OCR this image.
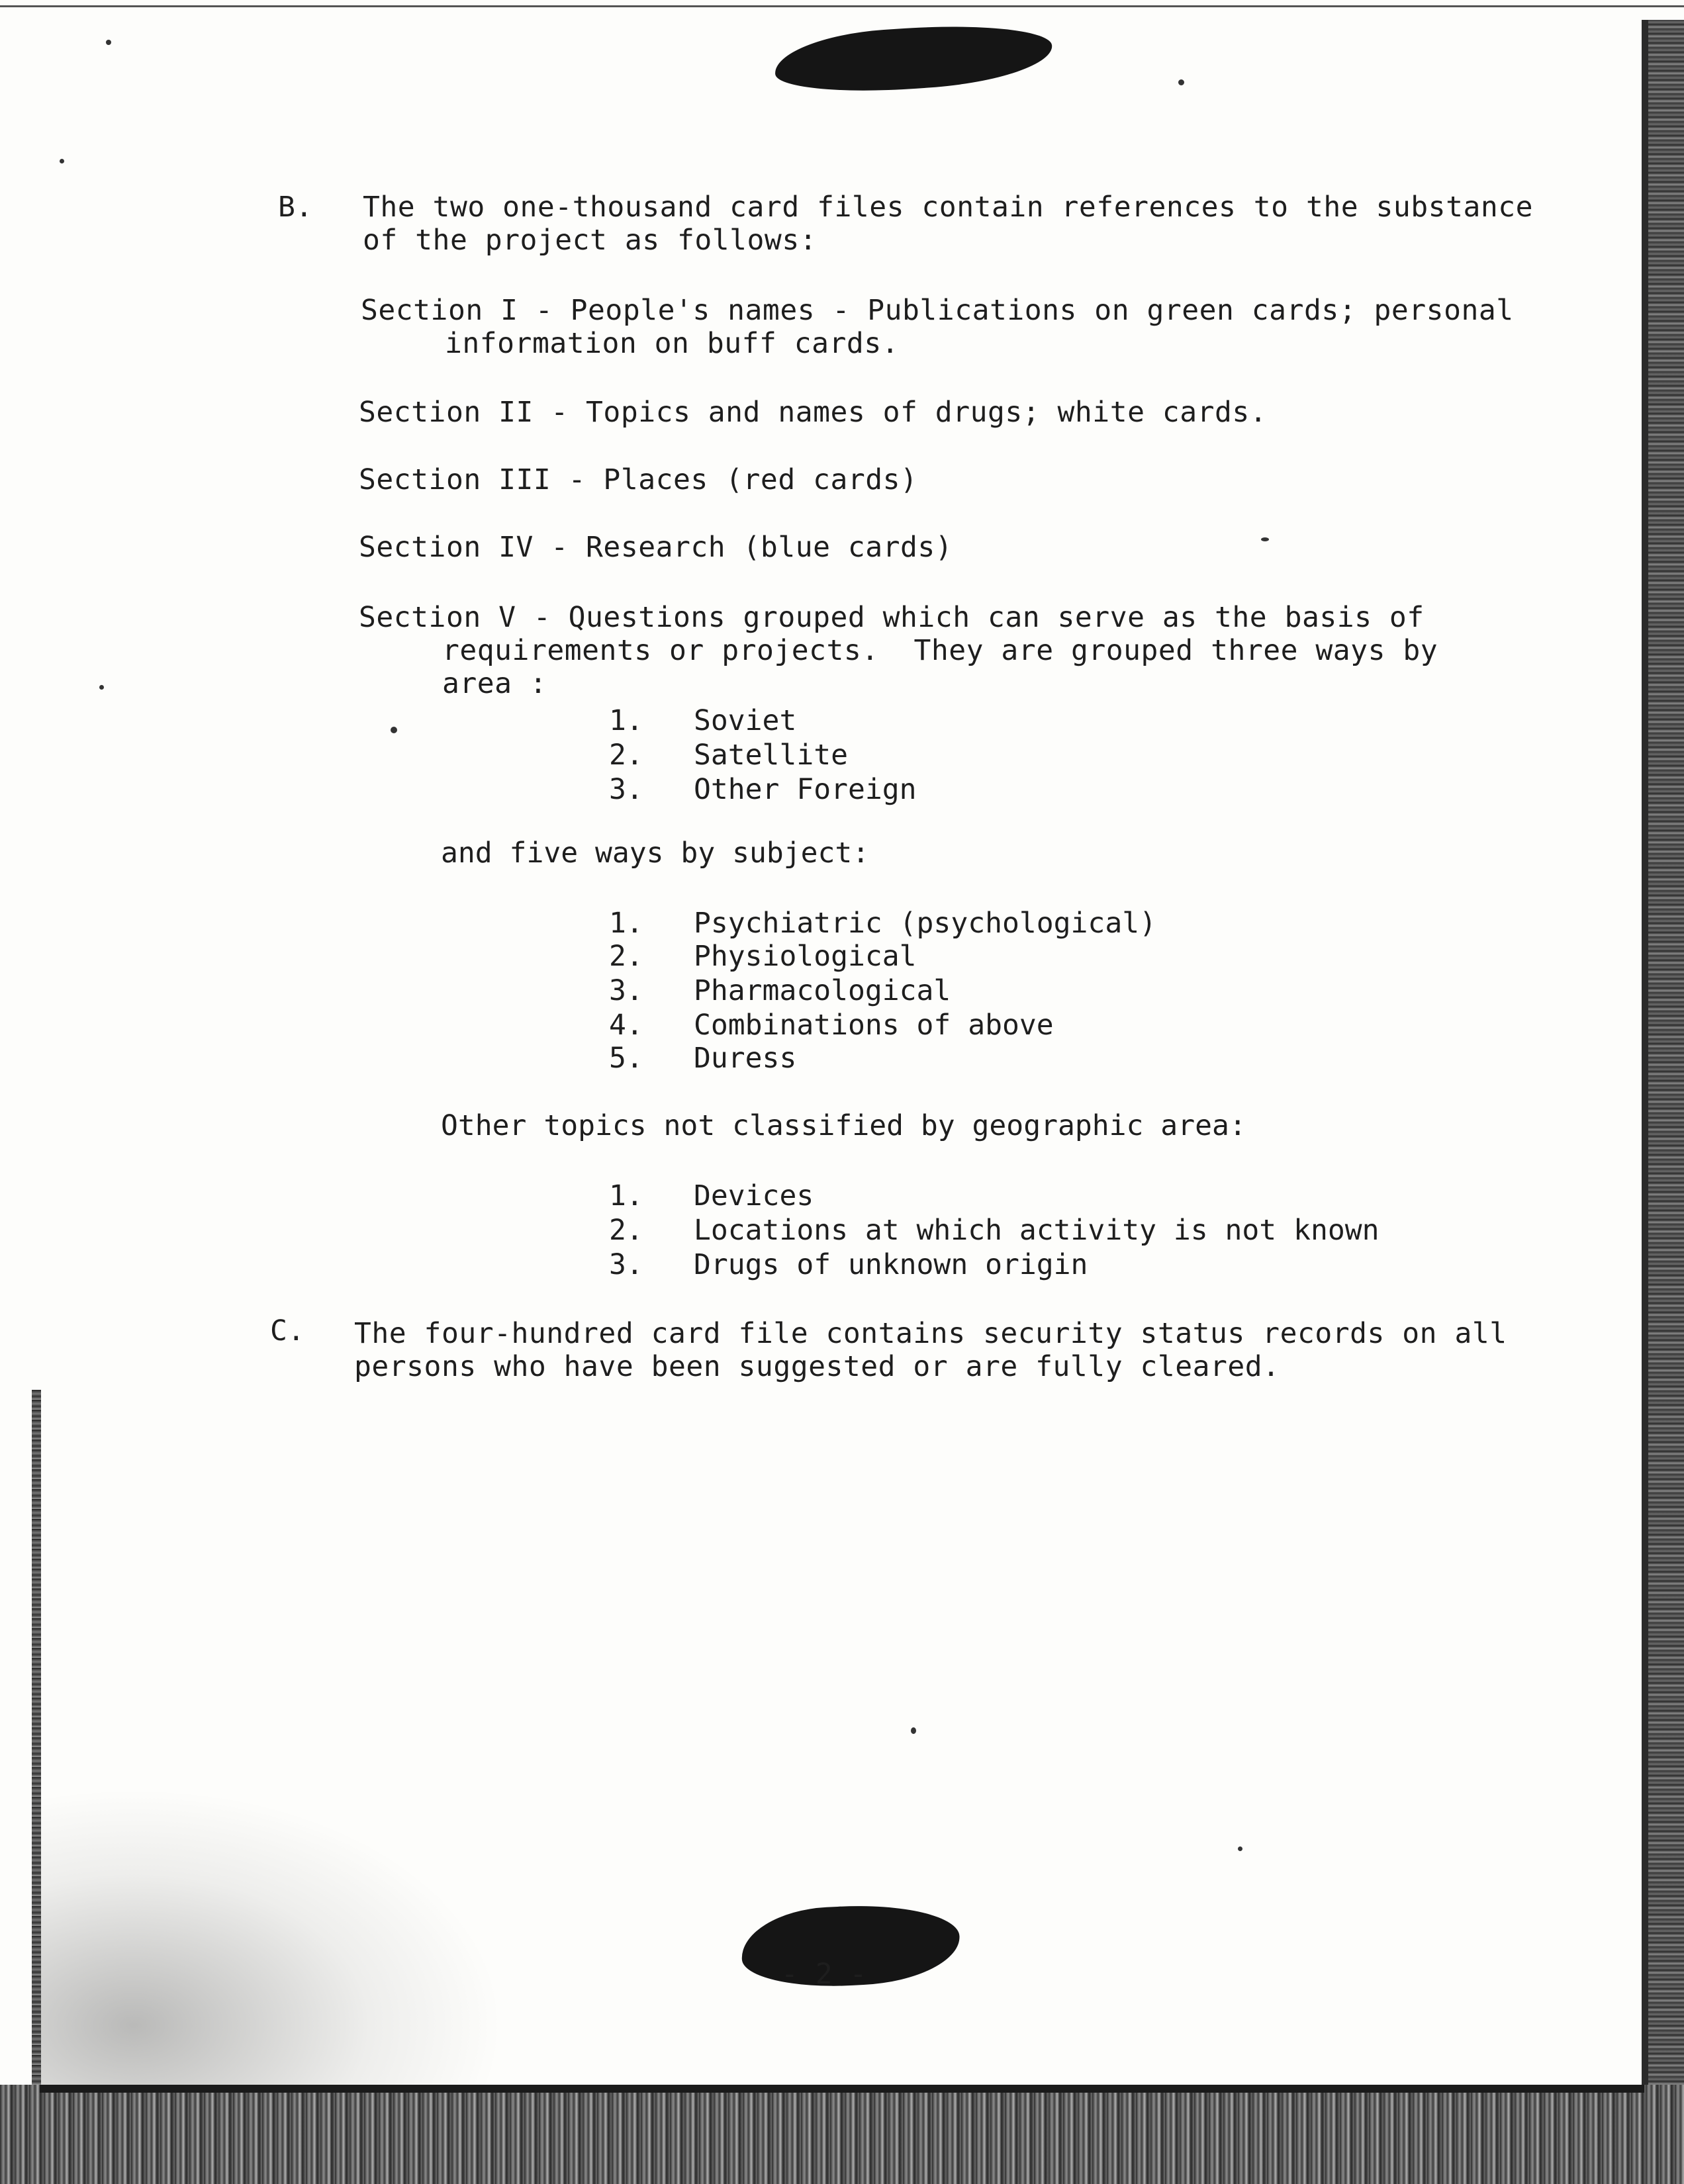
B. The two one-thousand card files contain references to the substance
of the project as follows:
Section I - People's names - Publications on green cards; personal
information on buff cards.
Section II - Topics and names of drugs; white cards.
Section III - Places (red cards)
Section IV - Research (blue cards)
Section V - Questions grouped which can serve as the basis of
requirements or projects.  They are grouped three ways by
area :
1. Soviet
2. Satellite
3. Other Foreign
and five ways by subject:
1. Psychiatric (psychological)
2. Physiological
3. Pharmacological
4. Combinations of above
5. Duress
Other topics not classified by geographic area:
1. Devices
2. Locations at which activity is not known
3. Drugs of unknown origin
C. The four-hundred card file contains security status records on all
persons who have been suggested or are fully cleared.
- 2 -
